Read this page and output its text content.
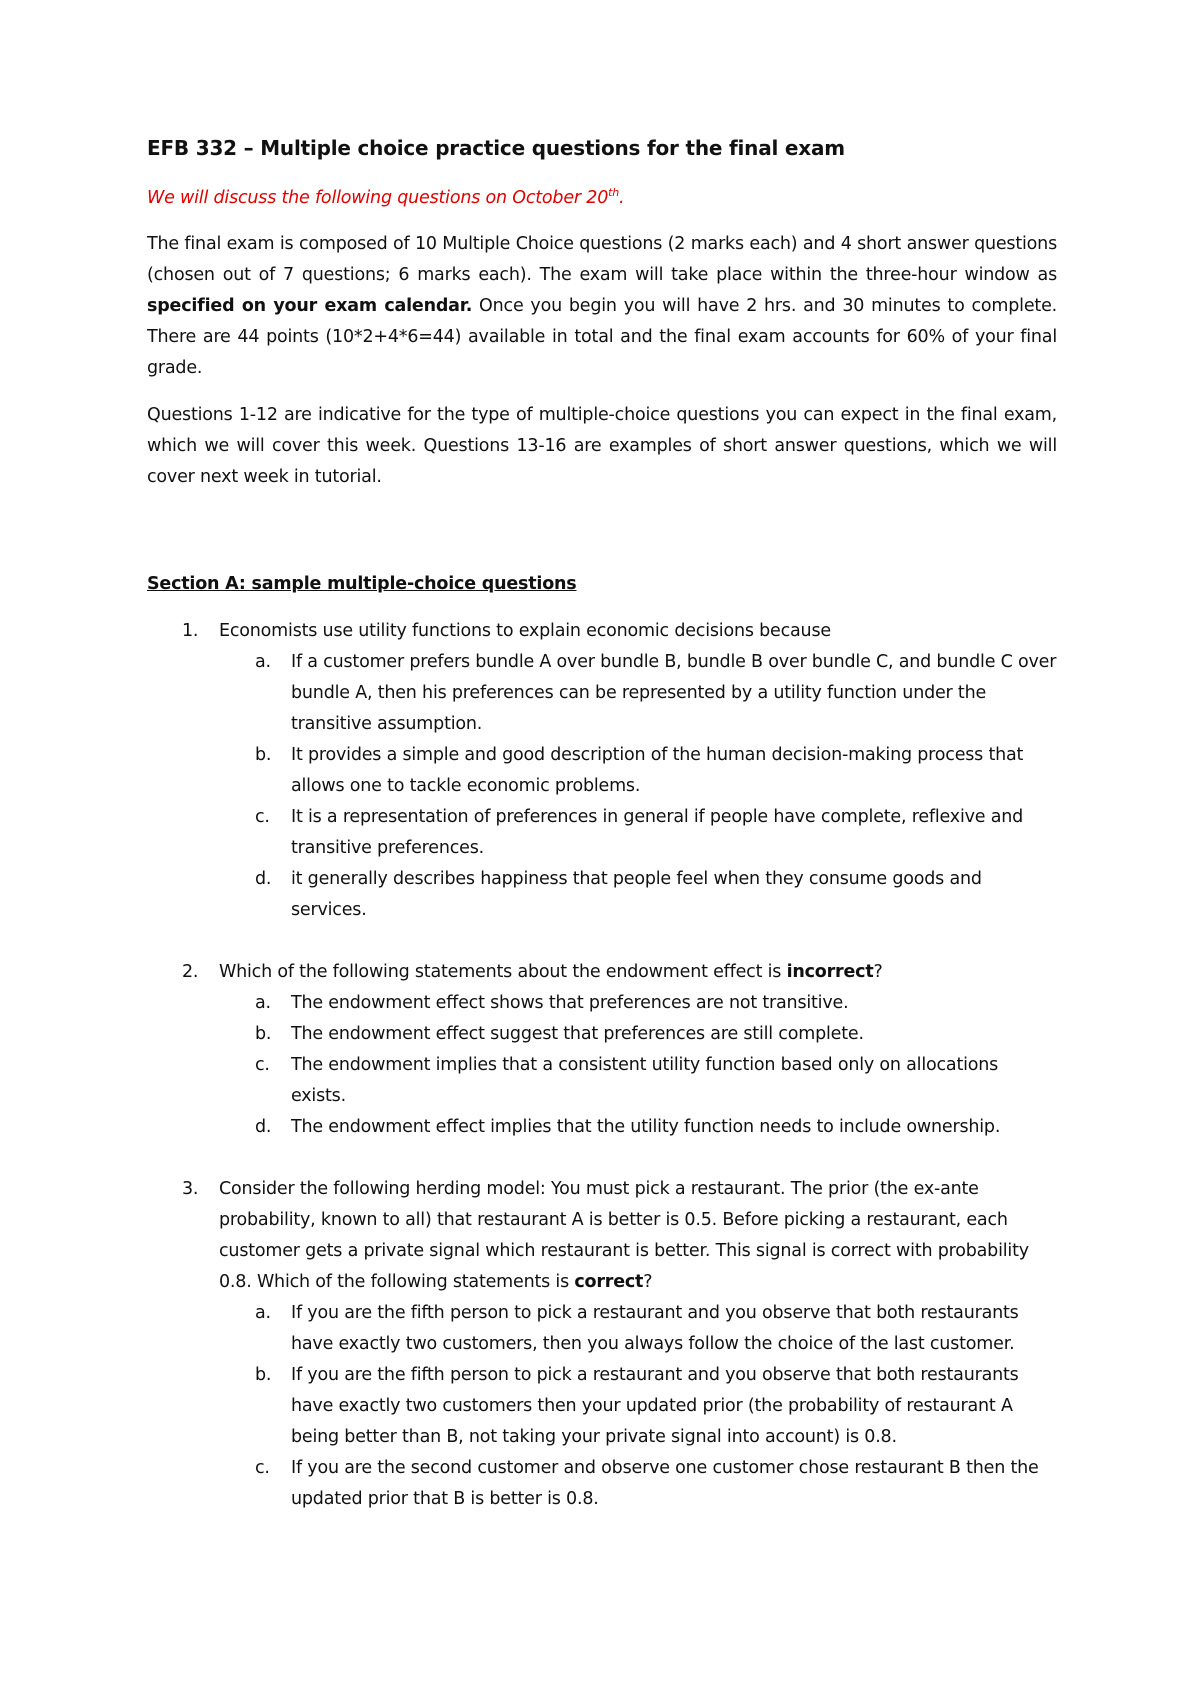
EFB 332 – Multiple choice practice questions for the final exam
We will discuss the following questions on October 20th.

The final exam is composed of 10 Multiple Choice questions (2 marks each) and 4 short answer questions (chosen out of 7 questions; 6 marks each). The exam will take place within the three-hour window as specified on your exam calendar. Once you begin you will have 2 hrs. and 30 minutes to complete. There are 44 points (10*2+4*6=44) available in total and the final exam accounts for 60% of your final grade.

Questions 1-12 are indicative for the type of multiple-choice questions you can expect in the final exam, which we will cover this week. Questions 13-16 are examples of short answer questions, which we will cover next week in tutorial.

Section A: sample multiple-choice questions
1. Economists use utility functions to explain economic decisions because

a. If a customer prefers bundle A over bundle B, bundle B over bundle C, and bundle C over bundle A, then his preferences can be represented by a utility function under the transitive assumption.
b. It provides a simple and good description of the human decision-making process that allows one to tackle economic problems.
c. It is a representation of preferences in general if people have complete, reflexive and transitive preferences.
d. it generally describes happiness that people feel when they consume goods and services.
2. Which of the following statements about the endowment effect is incorrect?

a. The endowment effect shows that preferences are not transitive.
b. The endowment effect suggest that preferences are still complete.
c. The endowment implies that a consistent utility function based only on allocations exists.
d. The endowment effect implies that the utility function needs to include ownership.
3. Consider the following herding model: You must pick a restaurant. The prior (the ex-ante probability, known to all) that restaurant A is better is 0.5. Before picking a restaurant, each customer gets a private signal which restaurant is better. This signal is correct with probability 0.8. Which of the following statements is correct?

a. If you are the fifth person to pick a restaurant and you observe that both restaurants have exactly two customers, then you always follow the choice of the last customer.
b. If you are the fifth person to pick a restaurant and you observe that both restaurants have exactly two customers then your updated prior (the probability of restaurant A being better than B, not taking your private signal into account) is 0.8.
c. If you are the second customer and observe one customer chose restaurant B then the updated prior that B is better is 0.8.
